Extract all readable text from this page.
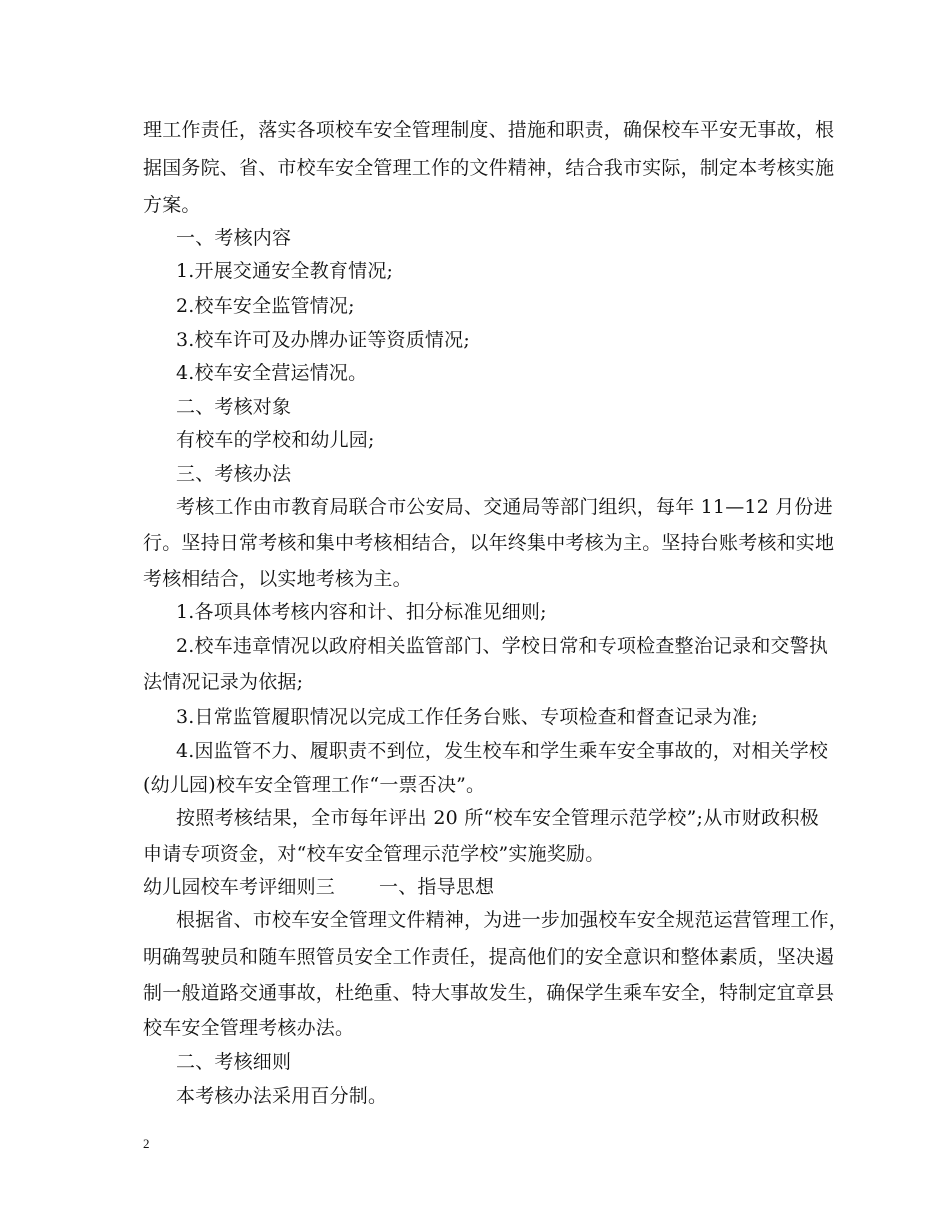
理工作责任，落实各项校车安全管理制度、措施和职责，确保校车平安无事故，根
据国务院、省、市校车安全管理工作的文件精神，结合我市实际，制定本考核实施
方案。
一、考核内容
1.开展交通安全教育情况;
2.校车安全监管情况;
3.校车许可及办牌办证等资质情况;
4.校车安全营运情况。
二、考核对象
有校车的学校和幼儿园;
三、考核办法
考核工作由市教育局联合市公安局、交通局等部门组织，每年 11—12 月份进
行。坚持日常考核和集中考核相结合，以年终集中考核为主。坚持台账考核和实地
考核相结合，以实地考核为主。
1.各项具体考核内容和计、扣分标准见细则;
2.校车违章情况以政府相关监管部门、学校日常和专项检查整治记录和交警执
法情况记录为依据;
3.日常监管履职情况以完成工作任务台账、专项检查和督查记录为准;
4.因监管不力、履职责不到位，发生校车和学生乘车安全事故的，对相关学校
(幼儿园)校车安全管理工作“一票否决”。
按照考核结果，全市每年评出 20 所“校车安全管理示范学校”;从市财政积极
申请专项资金，对“校车安全管理示范学校”实施奖励。
幼儿园校车考评细则三 一、指导思想
根据省、市校车安全管理文件精神，为进一步加强校车安全规范运营管理工作，
明确驾驶员和随车照管员安全工作责任，提高他们的安全意识和整体素质，坚决遏
制一般道路交通事故，杜绝重、特大事故发生，确保学生乘车安全，特制定宜章县
校车安全管理考核办法。
二、考核细则
本考核办法采用百分制。
2
